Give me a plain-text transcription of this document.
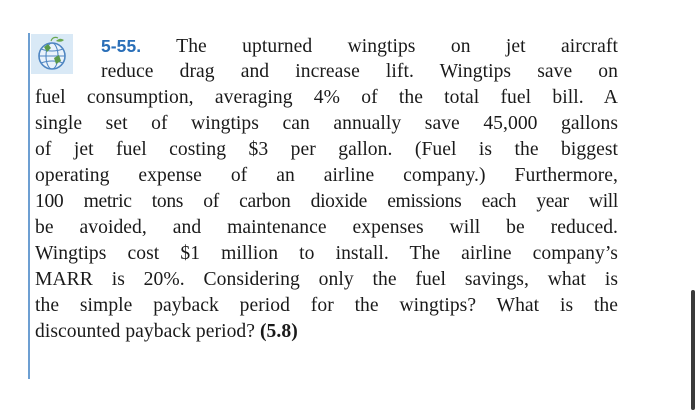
5-55. The upturned wingtips on jet aircraft
reduce drag and increase lift. Wingtips save on
fuel consumption, averaging 4% of the total fuel bill. A
single set of wingtips can annually save 45,000 gallons
of jet fuel costing $3 per gallon. (Fuel is the biggest
operating expense of an airline company.) Furthermore,
100 metric tons of carbon dioxide emissions each year will
be avoided, and maintenance expenses will be reduced.
Wingtips cost $1 million to install. The airline company’s
MARR is 20%. Considering only the fuel savings, what is
the simple payback period for the wingtips? What is the
discounted payback period? (5.8)
